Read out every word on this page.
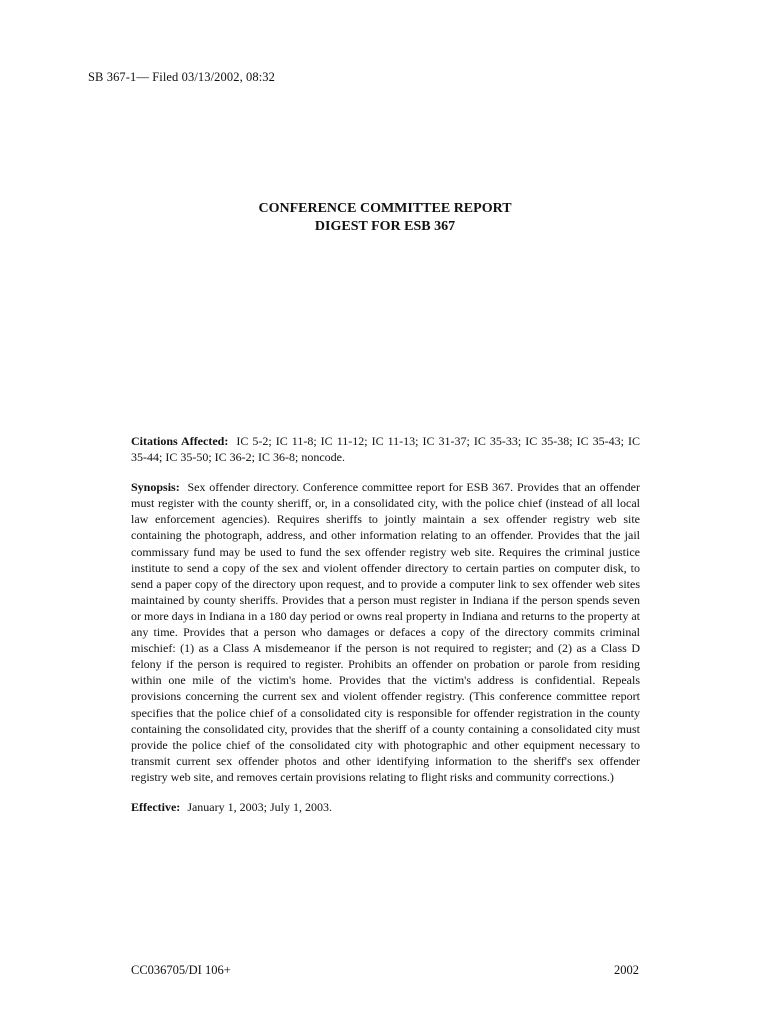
SB 367-1— Filed 03/13/2002, 08:32
CONFERENCE COMMITTEE REPORT
DIGEST FOR ESB 367

Citations Affected: IC 5-2; IC 11-8; IC 11-12; IC 11-13; IC 31-37; IC 35-33; IC 35-38; IC 35-43; IC 35-44; IC 35-50; IC 36-2; IC 36-8; noncode.

Synopsis: Sex offender directory. Conference committee report for ESB 367. Provides that an offender must register with the county sheriff, or, in a consolidated city, with the police chief (instead of all local law enforcement agencies). Requires sheriffs to jointly maintain a sex offender registry web site containing the photograph, address, and other information relating to an offender. Provides that the jail commissary fund may be used to fund the sex offender registry web site. Requires the criminal justice institute to send a copy of the sex and violent offender directory to certain parties on computer disk, to send a paper copy of the directory upon request, and to provide a computer link to sex offender web sites maintained by county sheriffs. Provides that a person must register in Indiana if the person spends seven or more days in Indiana in a 180 day period or owns real property in Indiana and returns to the property at any time. Provides that a person who damages or defaces a copy of the directory commits criminal mischief: (1) as a Class A misdemeanor if the person is not required to register; and (2) as a Class D felony if the person is required to register. Prohibits an offender on probation or parole from residing within one mile of the victim's home. Provides that the victim's address is confidential. Repeals provisions concerning the current sex and violent offender registry. (This conference committee report specifies that the police chief of a consolidated city is responsible for offender registration in the county containing the consolidated city, provides that the sheriff of a county containing a consolidated city must provide the police chief of the consolidated city with photographic and other equipment necessary to transmit current sex offender photos and other identifying information to the sheriff's sex offender registry web site, and removes certain provisions relating to flight risks and community corrections.)

Effective: January 1, 2003; July 1, 2003.

CC036705/DI 106+	2002
